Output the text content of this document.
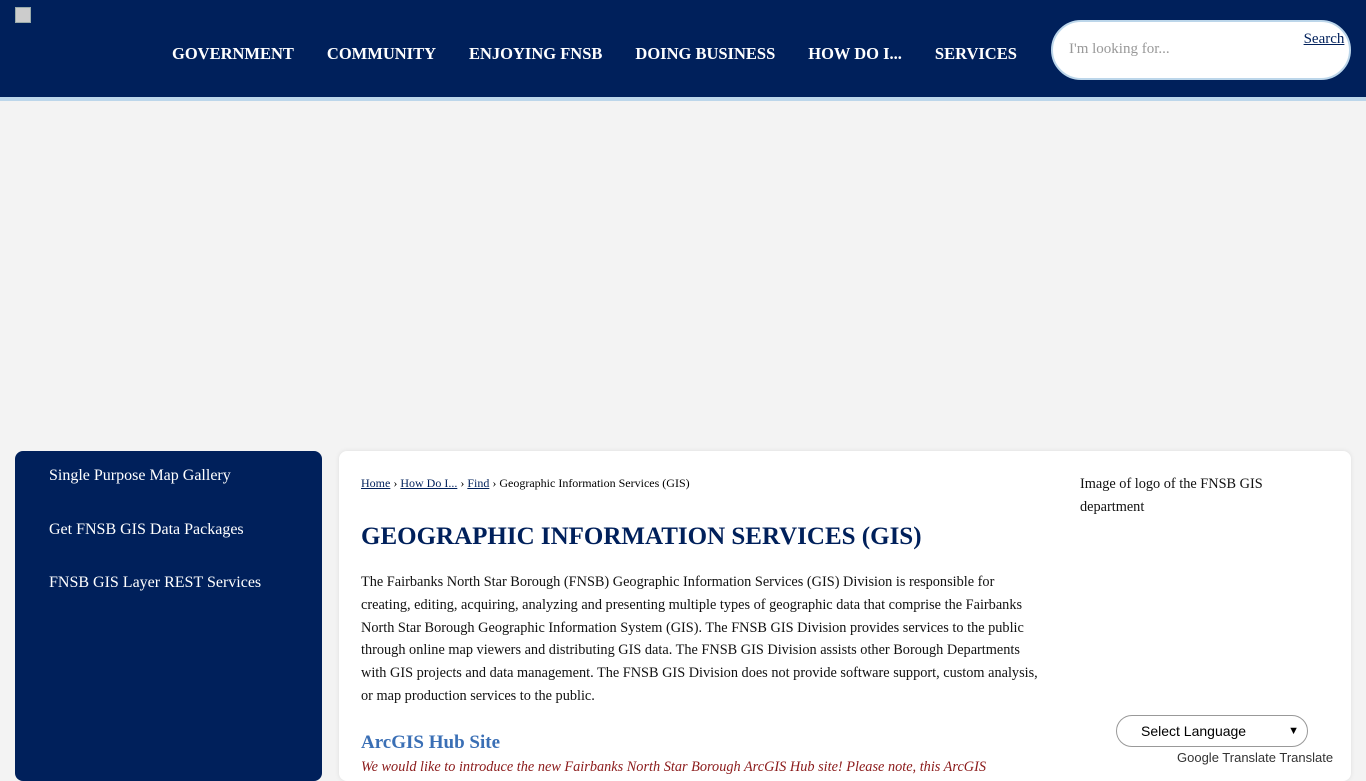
GOVERNMENT COMMUNITY ENJOYING FNSB DOING BUSINESS HOW DO I... SERVICES
I'm looking for...
Search
Single Purpose Map Gallery
Get FNSB GIS Data Packages
FNSB GIS Layer REST Services
Home › How Do I... › Find › Geographic Information Services (GIS)
GEOGRAPHIC INFORMATION SERVICES (GIS)

The Fairbanks North Star Borough (FNSB) Geographic Information Services (GIS) Division is responsible for creating, editing, acquiring, analyzing and presenting multiple types of geographic data that comprise the Fairbanks North Star Borough Geographic Information System (GIS). The FNSB GIS Division provides services to the public through online map viewers and distributing GIS data. The FNSB GIS Division assists other Borough Departments with GIS projects and data management. The FNSB GIS Division does not provide software support, custom analysis, or map production services to the public.

ArcGIS Hub Site

We would like to introduce the new Fairbanks North Star Borough ArcGIS Hub site! Please note, this ArcGIS

Image of logo of the FNSB GIS department
Select Language	▼
Google Translate Translate
